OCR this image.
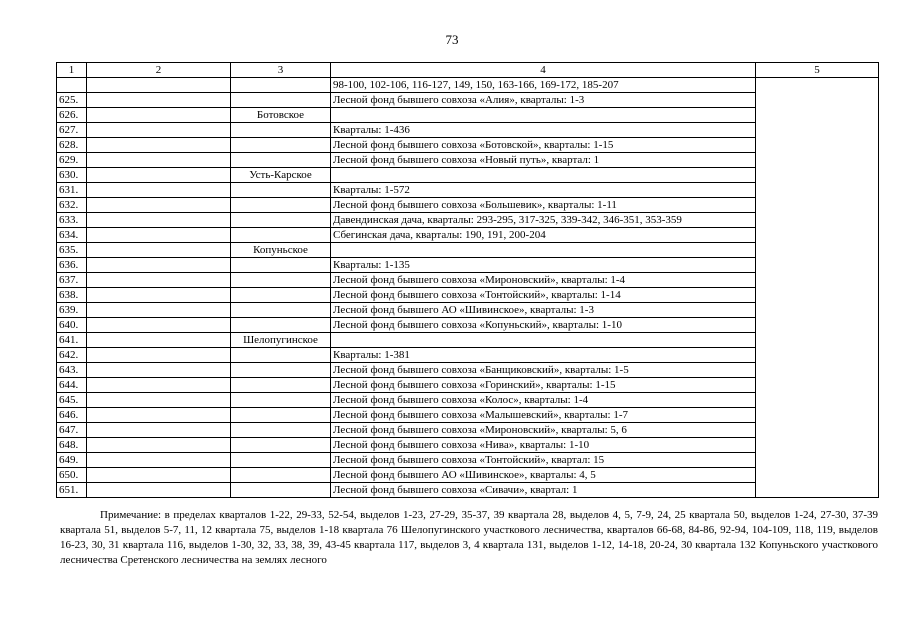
73
1	2	3	4	5
			98-100, 102-106, 116-127, 149, 150, 163-166, 169-172, 185-207	
625.			Лесной фонд бывшего совхоза «Алия», кварталы: 1-3	
626.		Ботовское		
627.			Кварталы: 1-436	
628.			Лесной фонд бывшего совхоза «Ботовской», кварталы: 1-15	
629.			Лесной фонд бывшего совхоза «Новый путь», квартал: 1	
630.		Усть-Карское		
631.			Кварталы: 1-572	
632.			Лесной фонд бывшего совхоза «Большевик», кварталы: 1-11	
633.			Давендинская дача, кварталы: 293-295, 317-325, 339-342, 346-351, 353-359	
634.			Сбегинская дача, кварталы: 190, 191, 200-204	
635.		Копуньское		
636.			Кварталы: 1-135	
637.			Лесной фонд бывшего совхоза «Мироновский», кварталы: 1-4	
638.			Лесной фонд бывшего совхоза «Тонтойский», кварталы: 1-14	
639.			Лесной фонд бывшего АО «Шивинское», кварталы: 1-3	
640.			Лесной фонд бывшего совхоза «Копуньский», кварталы: 1-10	
641.		Шелопугинское		
642.			Кварталы: 1-381	
643.			Лесной фонд бывшего совхоза «Банщиковский», кварталы: 1-5	
644.			Лесной фонд бывшего совхоза «Горинский», кварталы: 1-15	
645.			Лесной фонд бывшего совхоза «Колос», кварталы: 1-4	
646.			Лесной фонд бывшего совхоза «Малышевский», кварталы: 1-7	
647.			Лесной фонд бывшего совхоза «Мироновский», кварталы: 5, 6	
648.			Лесной фонд бывшего совхоза «Нива», кварталы: 1-10	
649.			Лесной фонд бывшего совхоза «Тонтойский», квартал: 15	
650.			Лесной фонд бывшего АО «Шивинское», кварталы: 4, 5	
651.			Лесной фонд бывшего совхоза «Сивачи», квартал: 1	
Примечание: в пределах кварталов 1-22, 29-33, 52-54, выделов 1-23, 27-29, 35-37, 39 квартала 28, выделов 4, 5, 7-9, 24, 25 квартала 50, выделов 1-24, 27-30, 37-39 квартала 51, выделов 5-7, 11, 12 квартала 75, выделов 1-18 квартала 76 Шелопугинского участкового лесничества, кварталов 66-68, 84-86, 92-94, 104-109, 118, 119, выделов 16-23, 30, 31 квартала 116, выделов 1-30, 32, 33, 38, 39, 43-45 квартала 117, выделов 3, 4 квартала 131, выделов 1-12, 14-18, 20-24, 30 квартала 132 Копуньского участкового лесничества Сретенского лесничества на землях лесного
